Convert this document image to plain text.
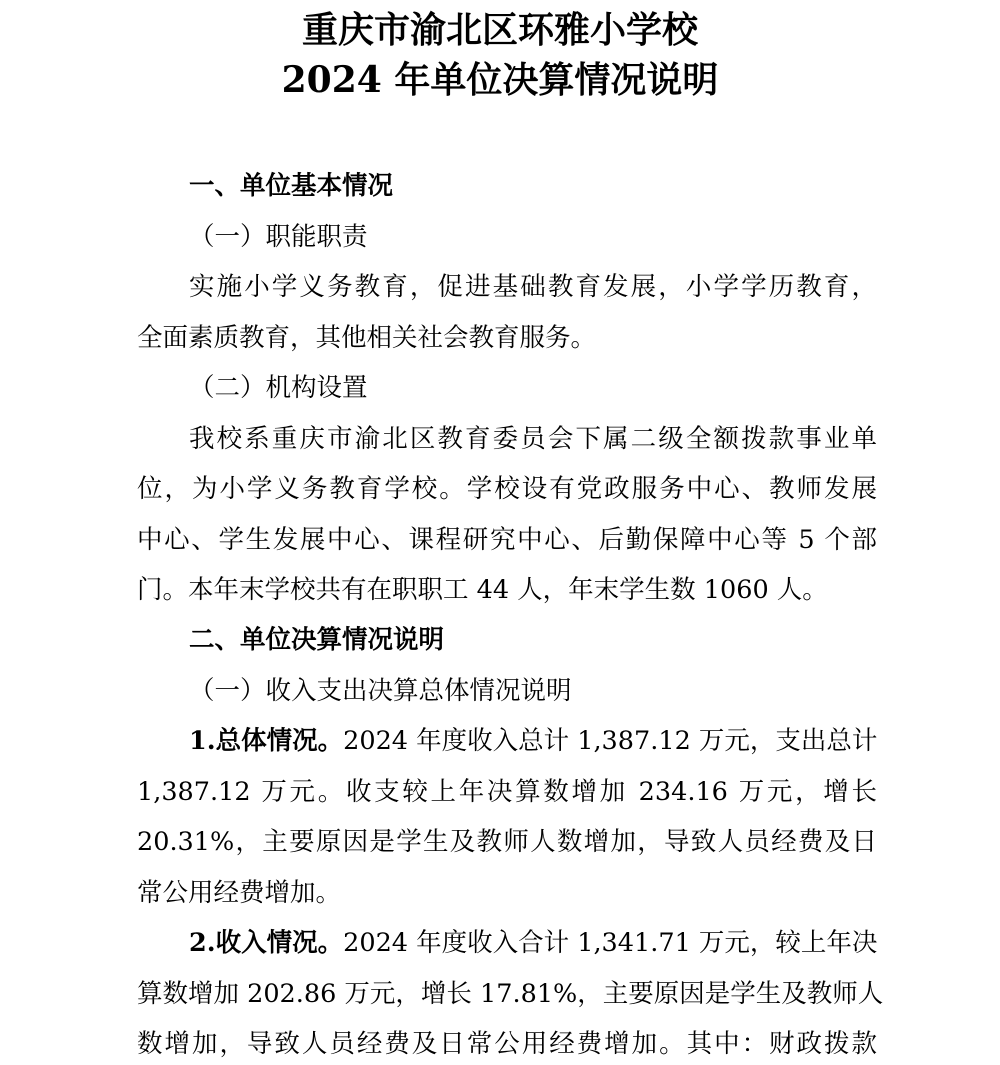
重庆市渝北区环雅小学校
2024 年单位决算情况说明
一、单位基本情况
（一）职能职责
实施小学义务教育，促进基础教育发展，小学学历教育，
全面素质教育，其他相关社会教育服务。
（二）机构设置
我校系重庆市渝北区教育委员会下属二级全额拨款事业单
位，为小学义务教育学校。学校设有党政服务中心、教师发展
中心、学生发展中心、课程研究中心、后勤保障中心等 5 个部
门。本年末学校共有在职职工 44 人，年末学生数 1060 人。
二、单位决算情况说明
（一）收入支出决算总体情况说明
1.总体情况。2024 年度收入总计 1,387.12 万元，支出总计
1,387.12 万元。收支较上年决算数增加 234.16 万元，增长
20.31%，主要原因是学生及教师人数增加，导致人员经费及日
常公用经费增加。
2.收入情况。2024 年度收入合计 1,341.71 万元，较上年决
算数增加 202.86 万元，增长 17.81%，主要原因是学生及教师人
数增加，导致人员经费及日常公用经费增加。其中：财政拨款
